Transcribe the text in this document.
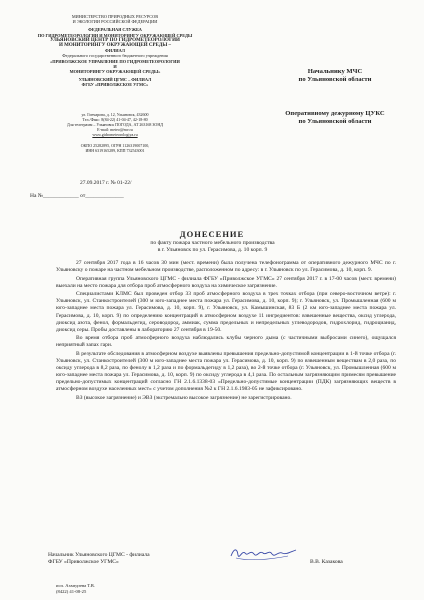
МИНИСТЕРСТВО ПРИРОДНЫХ РЕСУРСОВ
И ЭКОЛОГИИ РОССИЙСКОЙ ФЕДЕРАЦИИ
ФЕДЕРАЛЬНАЯ СЛУЖБА
ПО ГИДРОМЕТЕОРОЛОГИИ И МОНИТОРИНГУ ОКРУЖАЮЩЕЙ СРЕДЫ
УЛЬЯНОВСКИЙ ЦЕНТР ПО ГИДРОМЕТЕОРОЛОГИИ
И МОНИТОРИНГУ ОКРУЖАЮЩЕЙ СРЕДЫ –
ФИЛИАЛ
Федерального государственного бюджетного учреждения
«ПРИВОЛЖСКОЕ УПРАВЛЕНИЕ ПО ГИДРОМЕТЕОРОЛОГИИ
И
МОНИТОРИНГУ ОКРУЖАЮЩЕЙ СРЕДЫ»
УЛЬЯНОВСКИЙ ЦГМС – ФИЛИАЛ
ФГБУ «ПРИВОЛЖСКОЕ УГМС»
ул. Гончарова, д. 12, Ульяновск, 432600
Тел./Факс: 8(84-22) 41-04-47, 42-18-80
Для телеграмм – Ульяновск ПОГОДА, АТ 263168 ЗОНД
E-mail: meteo@mv.ru
www.gidrometeorologiya.ru
ОКПО 25282895, ОГРН 1126319007100,
ИНН 6319165289, КПП 732543001
27.09.2017 г. № 01-22/
На №_____________ от______________
Начальнику МЧС
по Ульяновской области
Оперативному дежурному ЦУКС
по Ульяновской области
ДОНЕСЕНИЕ
по факту пожара частного мебельного производства
в г. Ульяновск по ул. Герасимова, д. 10 корп. 9

27 сентября 2017 года в 16 часов 30 мин (мест. времени) была получена телефонограмма от оперативного дежурного МЧС по г. Ульяновску о пожаре на частном мебельном производстве, расположенном по адресу: в г. Ульяновск по ул. Герасимова, д. 10, корп. 9.

Оперативная группа Ульяновского ЦГМС - филиала ФГБУ «Приволжское УГМС» 27 сентября 2017 г. в 17-00 часов (мест. времени) выехали на место пожара для отбора проб атмосферного воздуха на химическое загрязнение.

Специалистами КЛМС был проведен отбор 33 проб атмосферного воздуха в трех точках отбора (при северо-восточном ветре): г. Ульяновск, ул. Станкостроителей (300 м юго-западнее места пожара ул. Герасимова, д. 10, корп. 9); г. Ульяновск, ул. Промышленная (600 м юго-западнее места пожара ул. Герасимова, д. 10, корп. 9), г. Ульяновск, ул. Камышинская, 83 Б (2 км юго-западнее места пожара ул. Герасимова, д. 10, корп. 9) по определению концентраций в атмосферном воздухе 11 ингредиентов: взвешенные вещества, оксид углерода, диоксид азота, фенол, формальдегид, сероводород, аммиак, сумма предельных и непредельных углеводородов, гидрохлорид, гидроцианид, диоксид серы. Пробы доставлены в лабораторию 27 сентября в 19-50.

Во время отбора проб атмосферного воздуха наблюдались клубы черного дыма (с частичными выбросами синего), ощущался неприятный запах гари.

В результате обследования в атмосферном воздухе выявлены превышения предельно-допустимой концентрации в 1-й точке отбора (г. Ульяновск, ул. Станкостроителей (300 м юго-западнее места пожара ул. Герасимова, д. 10, корп. 9) по взвешенным веществам в 2,0 раза, по оксиду углерода в 8,2 раза, по фенолу в 1,2 раза и по формальдегиду в 1,2 раза), во 2-й точке отбора (г. Ульяновск, ул. Промышленная (600 м юго-западнее места пожара ул. Герасимова, д. 10, корп. 9) по оксиду углерода в 4,1 раза. По остальным загрязняющим примесям превышение предельно-допустимых концентраций согласно ГН 2.1.6.1338-03 «Предельно-допустимые концентрации (ПДК) загрязняющих веществ в атмосферном воздухе населенных мест» с учетом дополнения №2 к ГН 2.1.6.1983-05 не зафиксировано.

ВЗ (высокое загрязнение) и ЭВЗ (экстремально высокое загрязнение) не зарегистрировано.

Начальник Ульяновского ЦГМС - филиала
ФГБУ «Приволжское УГМС»	В.В. Казакова
исп. Ахмедзева Т.В.
(8422) 41-08-25
